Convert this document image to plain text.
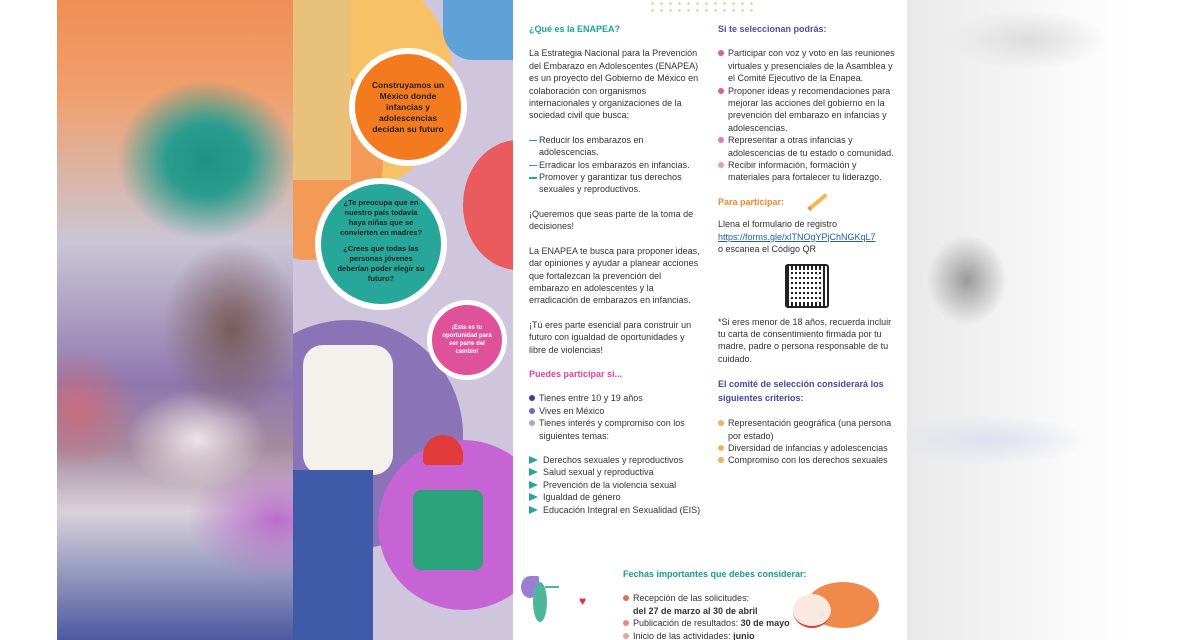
Construyamos un México donde infancias y adolescencias decidan su futuro

¿Te preocupa que en nuestro país todavía haya niñas que se convierten en madres?

¿Crees que todas las personas jóvenes deberían poder elegir su futuro?

¡Esta es tu oportunidad para ser parte del cambio!

¿Qué es la ENAPEA?

La Estrategia Nacional para la Prevención del Embarazo en Adolescentes (ENAPEA) es un proyecto del Gobierno de México en colaboración con organismos internacionales y organizaciones de la sociedad civil que busca:

Reducir los embarazos en adolescencias.
Erradicar los embarazos en infancias.
Promover y garantizar tus derechos sexuales y reproductivos.

¡Queremos que seas parte de la toma de decisiones!

La ENAPEA te busca para proponer ideas, dar opiniones y ayudar a planear acciones que fortalezcan la prevención del embarazo en adolescentes y la erradicación de embarazos en infancias.

¡Tú eres parte esencial para construir un futuro con igualdad de oportunidades y libre de violencias!

Puedes participar si...

Tienes entre 10 y 19 años
Vives en México
Tienes interés y compromiso con los siguientes temas:
Derechos sexuales y reproductivos
Salud sexual y reproductiva
Prevención de la violencia sexual
Igualdad de género
Educación Integral en Sexualidad (EIS)

Si te seleccionan podrás:

Participar con voz y voto en las reuniones virtuales y presenciales de la Asamblea y el Comité Ejecutivo de la Enapea.
Proponer ideas y recomendaciones para mejorar las acciones del gobierno en la prevención del embarazo en infancias y adolescencias.
Representar a otras infancias y adolescencias de tu estado o comunidad.
Recibir información, formación y materiales para fortalecer tu liderazgo.

Para participar:

Llena el formulario de registro

https://forms.gle/xITNOgYPjChNGKqL7

o escanea el Código QR

*Si eres menor de 18 años, recuerda incluir tu carta de consentimiento firmada por tu madre, padre o persona responsable de tu cuidado.

El comité de selección considerará los siguientes criterios:

Representación geográfica (una persona por estado)
Diversidad de infancias y adolescencias
Compromiso con los derechos sexuales
♥

Fechas importantes que debes considerar:

Recepción de las solicitudes:
del 27 de marzo al 30 de abril
Publicación de resultados: 30 de mayo
Inicio de las actividades: junio
